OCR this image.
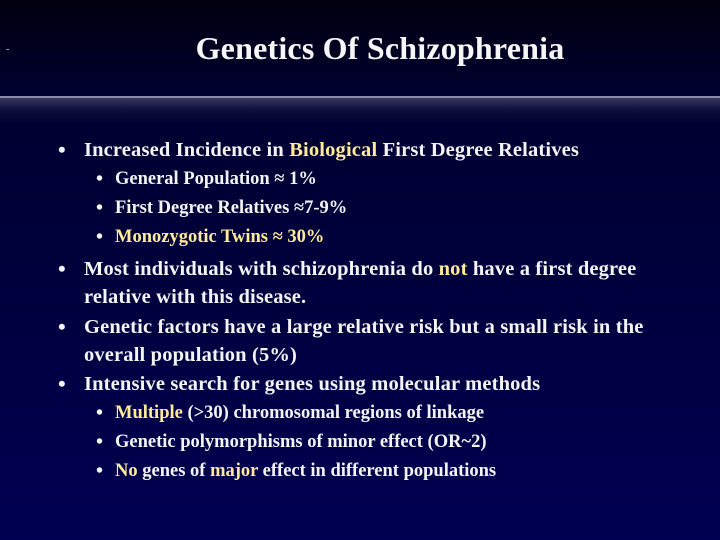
-	Genetics Of Schizophrenia
• Increased Incidence in Biological First Degree Relatives
• General Population ≈ 1%
• First Degree Relatives ≈7-9%
• Monozygotic Twins ≈ 30%
• Most individuals with schizophrenia do not have a first degree relative with this disease.
• Genetic factors have a large relative risk but a small risk in the overall population (5%)
• Intensive search for genes using molecular methods
• Multiple (>30) chromosomal regions of linkage
• Genetic polymorphisms of minor effect (OR~2)
• No genes of major effect in different populations
